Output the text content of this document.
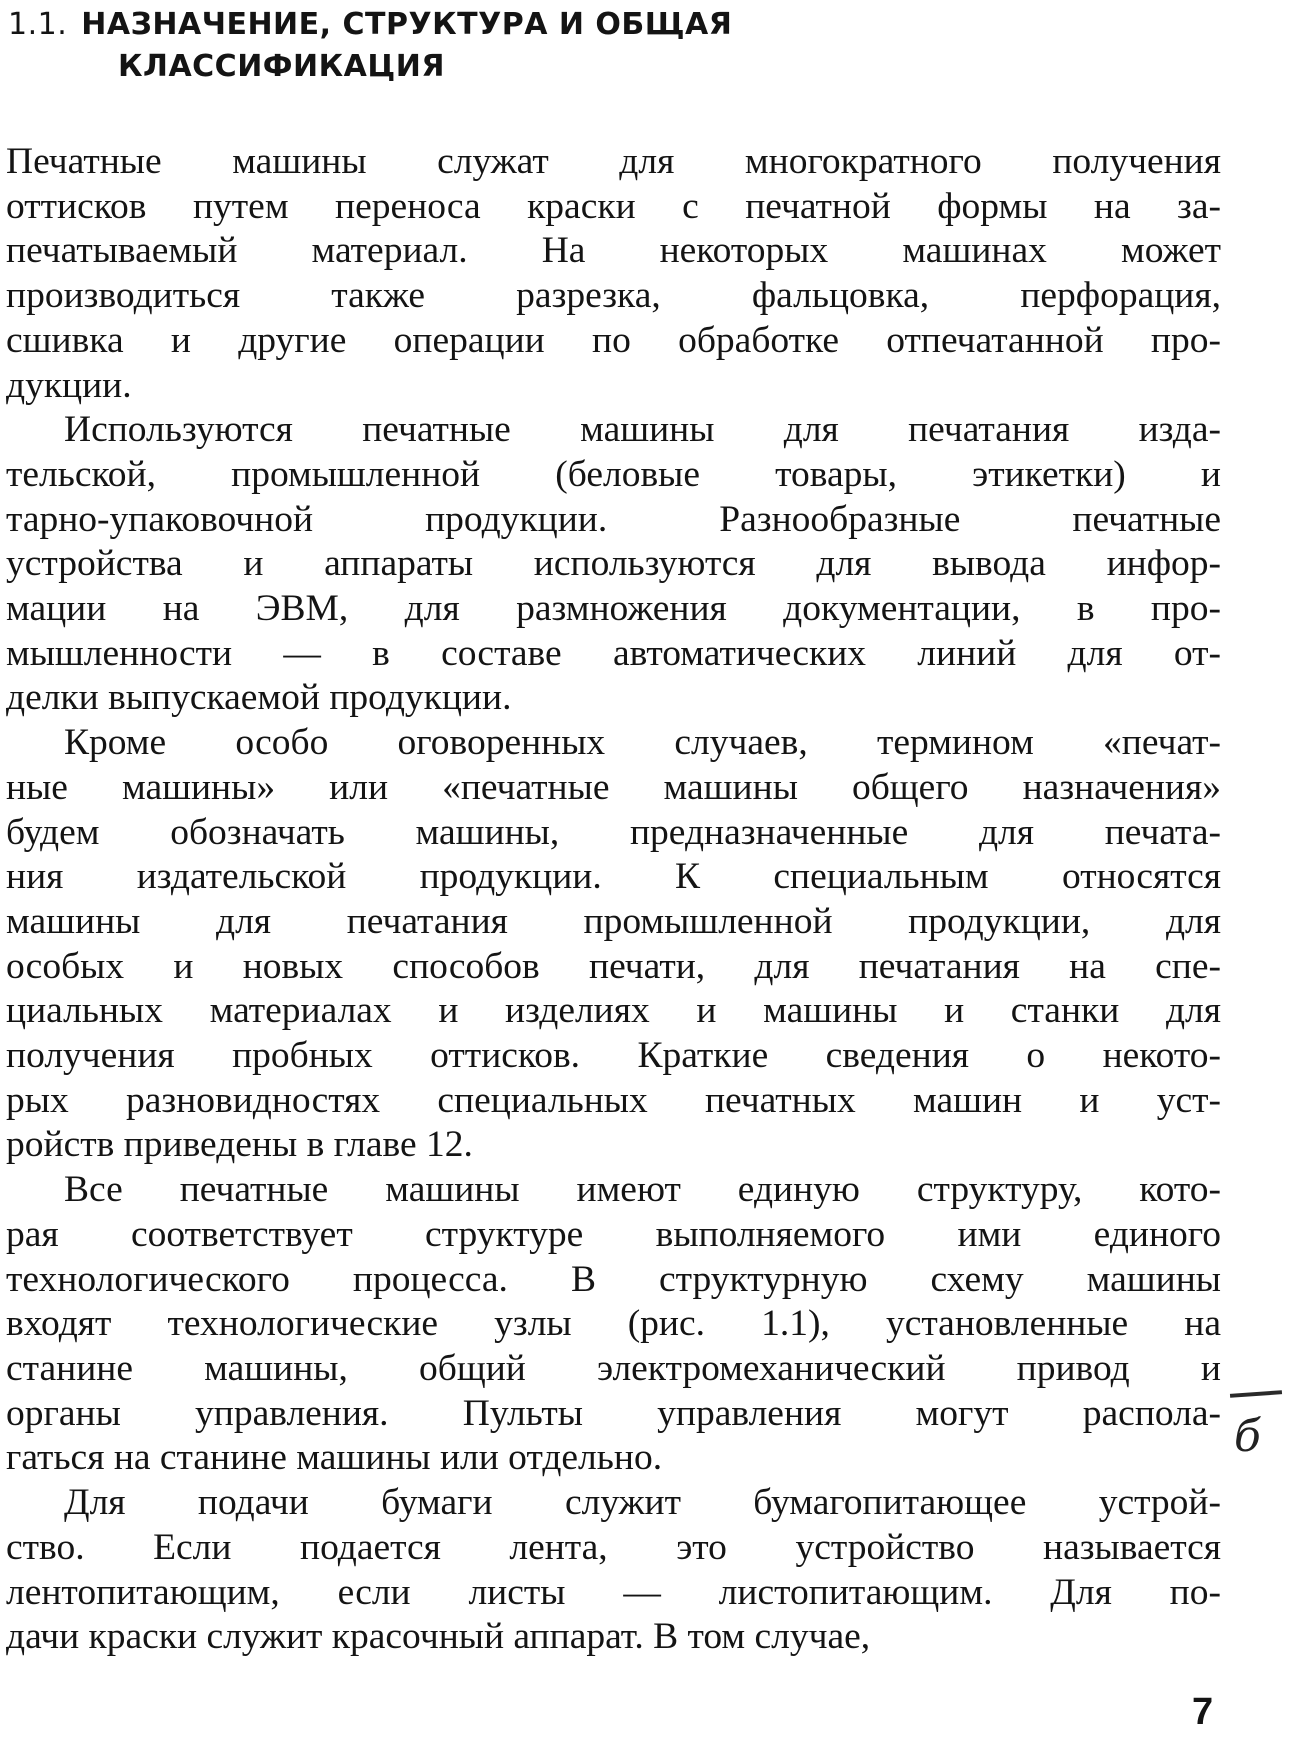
1.1. НАЗНАЧЕНИЕ, СТРУКТУРА И ОБЩАЯ
КЛАССИФИКАЦИЯ
Печатные машины служат для многократного получения
оттисков путем переноса краски с печатной формы на за-
печатываемый материал. На некоторых машинах может
производиться также разрезка, фальцовка, перфорация,
сшивка и другие операции по обработке отпечатанной про-
дукции.
Используются печатные машины для печатания изда-
тельской, промышленной (беловые товары, этикетки) и
тарно-упаковочной продукции. Разнообразные печатные
устройства и аппараты используются для вывода инфор-
мации на ЭВМ, для размножения документации, в про-
мышленности — в составе автоматических линий для от-
делки выпускаемой продукции.
Кроме особо оговоренных случаев, термином «печат-
ные машины» или «печатные машины общего назначения»
будем обозначать машины, предназначенные для печата-
ния издательской продукции. К специальным относятся
машины для печатания промышленной продукции, для
особых и новых способов печати, для печатания на спе-
циальных материалах и изделиях и машины и станки для
получения пробных оттисков. Краткие сведения о некото-
рых разновидностях специальных печатных машин и уст-
ройств приведены в главе 12.
Все печатные машины имеют единую структуру, кото-
рая соответствует структуре выполняемого ими единого
технологического процесса. В структурную схему машины
входят технологические узлы (рис. 1.1), установленные на
станине машины, общий электромеханический привод и
органы управления. Пульты управления могут распола-
гаться на станине машины или отдельно.
Для подачи бумаги служит бумагопитающее устрой-
ство. Если подается лента, это устройство называется
лентопитающим, если листы — листопитающим. Для по-
дачи краски служит красочный аппарат. В том случае,
б
7
